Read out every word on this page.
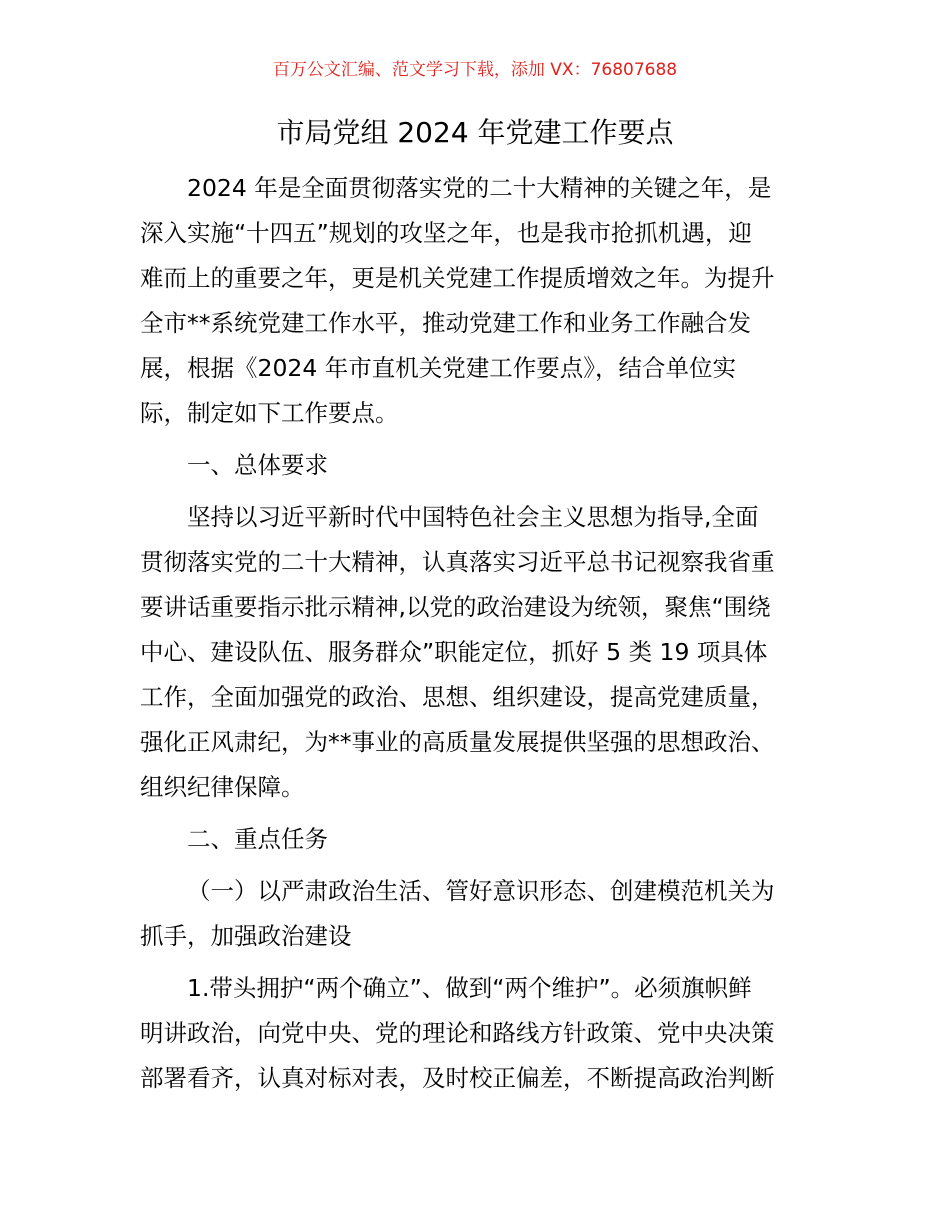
百万公文汇编、范文学习下载，添加 VX：76807688
市局党组 2024 年党建工作要点
2024 年是全面贯彻落实党的二十大精神的关键之年，是
深入实施“十四五”规划的攻坚之年，也是我市抢抓机遇，迎
难而上的重要之年，更是机关党建工作提质增效之年。为提升
全市**系统党建工作水平，推动党建工作和业务工作融合发
展，根据《2024 年市直机关党建工作要点》，结合单位实
际，制定如下工作要点。
一、总体要求
坚持以习近平新时代中国特色社会主义思想为指导,全面
贯彻落实党的二十大精神，认真落实习近平总书记视察我省重
要讲话重要指示批示精神,以党的政治建设为统领，聚焦“围绕
中心、建设队伍、服务群众”职能定位，抓好 5 类 19 项具体
工作，全面加强党的政治、思想、组织建设，提高党建质量，
强化正风肃纪，为**事业的高质量发展提供坚强的思想政治、
组织纪律保障。
二、重点任务
（一）以严肃政治生活、管好意识形态、创建模范机关为
抓手，加强政治建设
1.带头拥护“两个确立”、做到“两个维护”。必须旗帜鲜
明讲政治，向党中央、党的理论和路线方针政策、党中央决策
部署看齐，认真对标对表，及时校正偏差，不断提高政治判断
